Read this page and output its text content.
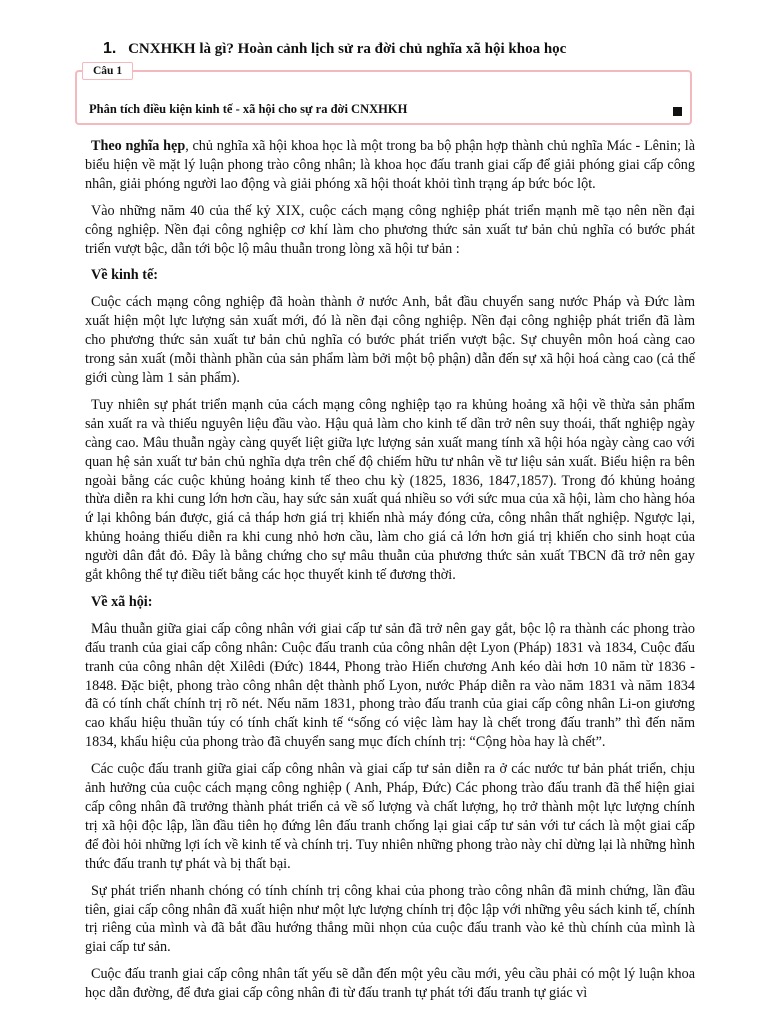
1. CNXHKH là gì? Hoàn cảnh lịch sử ra đời chủ nghĩa xã hội khoa học
Câu 1
Phân tích điều kiện kinh tế - xã hội cho sự ra đời CNXHKH

Theo nghĩa hẹp, chủ nghĩa xã hội khoa học là một trong ba bộ phận hợp thành chủ nghĩa Mác - Lênin; là biểu hiện về mặt lý luận phong trào công nhân; là khoa học đấu tranh giai cấp để giải phóng giai cấp công nhân, giải phóng người lao động và giải phóng xã hội thoát khỏi tình trạng áp bức bóc lột.

Vào những năm 40 của thế kỷ XIX, cuộc cách mạng công nghiệp phát triển mạnh mẽ tạo nên nền đại công nghiệp. Nền đại công nghiệp cơ khí làm cho phương thức sản xuất tư bản chủ nghĩa có bước phát triển vượt bậc, dẫn tới bộc lộ mâu thuẫn trong lòng xã hội tư bản :

Về kinh tế:

Cuộc cách mạng công nghiệp đã hoàn thành ở nước Anh, bắt đầu chuyển sang nước Pháp và Đức làm xuất hiện một lực lượng sản xuất mới, đó là nền đại công nghiệp. Nền đại công nghiệp phát triển đã làm cho phương thức sản xuất tư bản chủ nghĩa có bước phát triển vượt bậc. Sự chuyên môn hoá càng cao trong sản xuất (mỗi thành phần của sản phẩm làm bởi một bộ phận) dẫn đến sự xã hội hoá càng cao (cả thế giới cùng làm 1 sản phẩm).

Tuy nhiên sự phát triển mạnh của cách mạng công nghiệp tạo ra khủng hoảng xã hội về thừa sản phẩm sản xuất ra và thiếu nguyên liệu đầu vào. Hậu quả làm cho kinh tế dần trở nên suy thoái, thất nghiệp ngày càng cao. Mâu thuẫn ngày càng quyết liệt giữa lực lượng sản xuất mang tính xã hội hóa ngày càng cao với quan hệ sản xuất tư bản chủ nghĩa dựa trên chế độ chiếm hữu tư nhân về tư liệu sản xuất. Biểu hiện ra bên ngoài bằng các cuộc khủng hoảng kinh tế theo chu kỳ (1825, 1836, 1847,1857). Trong đó khủng hoảng thừa diễn ra khi cung lớn hơn cầu, hay sức sản xuất quá nhiều so với sức mua của xã hội, làm cho hàng hóa ứ lại không bán được, giá cả tháp hơn giá trị khiến nhà máy đóng cửa, công nhân thất nghiệp. Ngược lại, khủng hoảng thiếu diễn ra khi cung nhỏ hơn cầu, làm cho giá cả lớn hơn giá trị khiến cho sinh hoạt của người dân đắt đỏ. Đây là bằng chứng cho sự mâu thuẫn của phương thức sản xuất TBCN đã trở nên gay gắt không thể tự điều tiết bằng các học thuyết kinh tế đương thời.

Về xã hội:

Mâu thuẫn giữa giai cấp công nhân với giai cấp tư sản đã trở nên gay gắt, bộc lộ ra thành các phong trào đấu tranh của giai cấp công nhân: Cuộc đấu tranh của công nhân dệt Lyon (Pháp) 1831 và 1834, Cuộc đấu tranh của công nhân dệt Xilêdi (Đức) 1844, Phong trào Hiến chương Anh kéo dài hơn 10 năm từ 1836 - 1848. Đặc biệt, phong trào công nhân dệt thành phố Lyon, nước Pháp diễn ra vào năm 1831 và năm 1834 đã có tính chất chính trị rõ nét. Nếu năm 1831, phong trào đấu tranh của giai cấp công nhân Li-on giương cao khẩu hiệu thuần túy có tính chất kinh tế “sống có việc làm hay là chết trong đấu tranh” thì đến năm 1834, khẩu hiệu của phong trào đã chuyển sang mục đích chính trị: “Cộng hòa hay là chết”.

Các cuộc đấu tranh giữa giai cấp công nhân và giai cấp tư sản diễn ra ở các nước tư bản phát triển, chịu ảnh hưởng của cuộc cách mạng công nghiệp ( Anh, Pháp, Đức) Các phong trào đấu tranh đã thể hiện giai cấp công nhân đã trưởng thành phát triển cả về số lượng và chất lượng, họ trở thành một lực lượng chính trị xã hội độc lập, lần đầu tiên họ đứng lên đấu tranh chống lại giai cấp tư sản với tư cách là một giai cấp để đòi hỏi những lợi ích về kinh tế và chính trị. Tuy nhiên những phong trào này chỉ dừng lại là những hình thức đấu tranh tự phát và bị thất bại.

Sự phát triển nhanh chóng có tính chính trị công khai của phong trào công nhân đã minh chứng, lần đầu tiên, giai cấp công nhân đã xuất hiện như một lực lượng chính trị độc lập với những yêu sách kinh tế, chính trị riêng của mình và đã bắt đầu hướng thẳng mũi nhọn của cuộc đấu tranh vào kẻ thù chính của mình là giai cấp tư sản.

Cuộc đấu tranh giai cấp công nhân tất yếu sẽ dẫn đến một yêu cầu mới, yêu cầu phải có một lý luận khoa học dẫn đường, để đưa giai cấp công nhân đi từ đấu tranh tự phát tới đấu tranh tự giác vì
